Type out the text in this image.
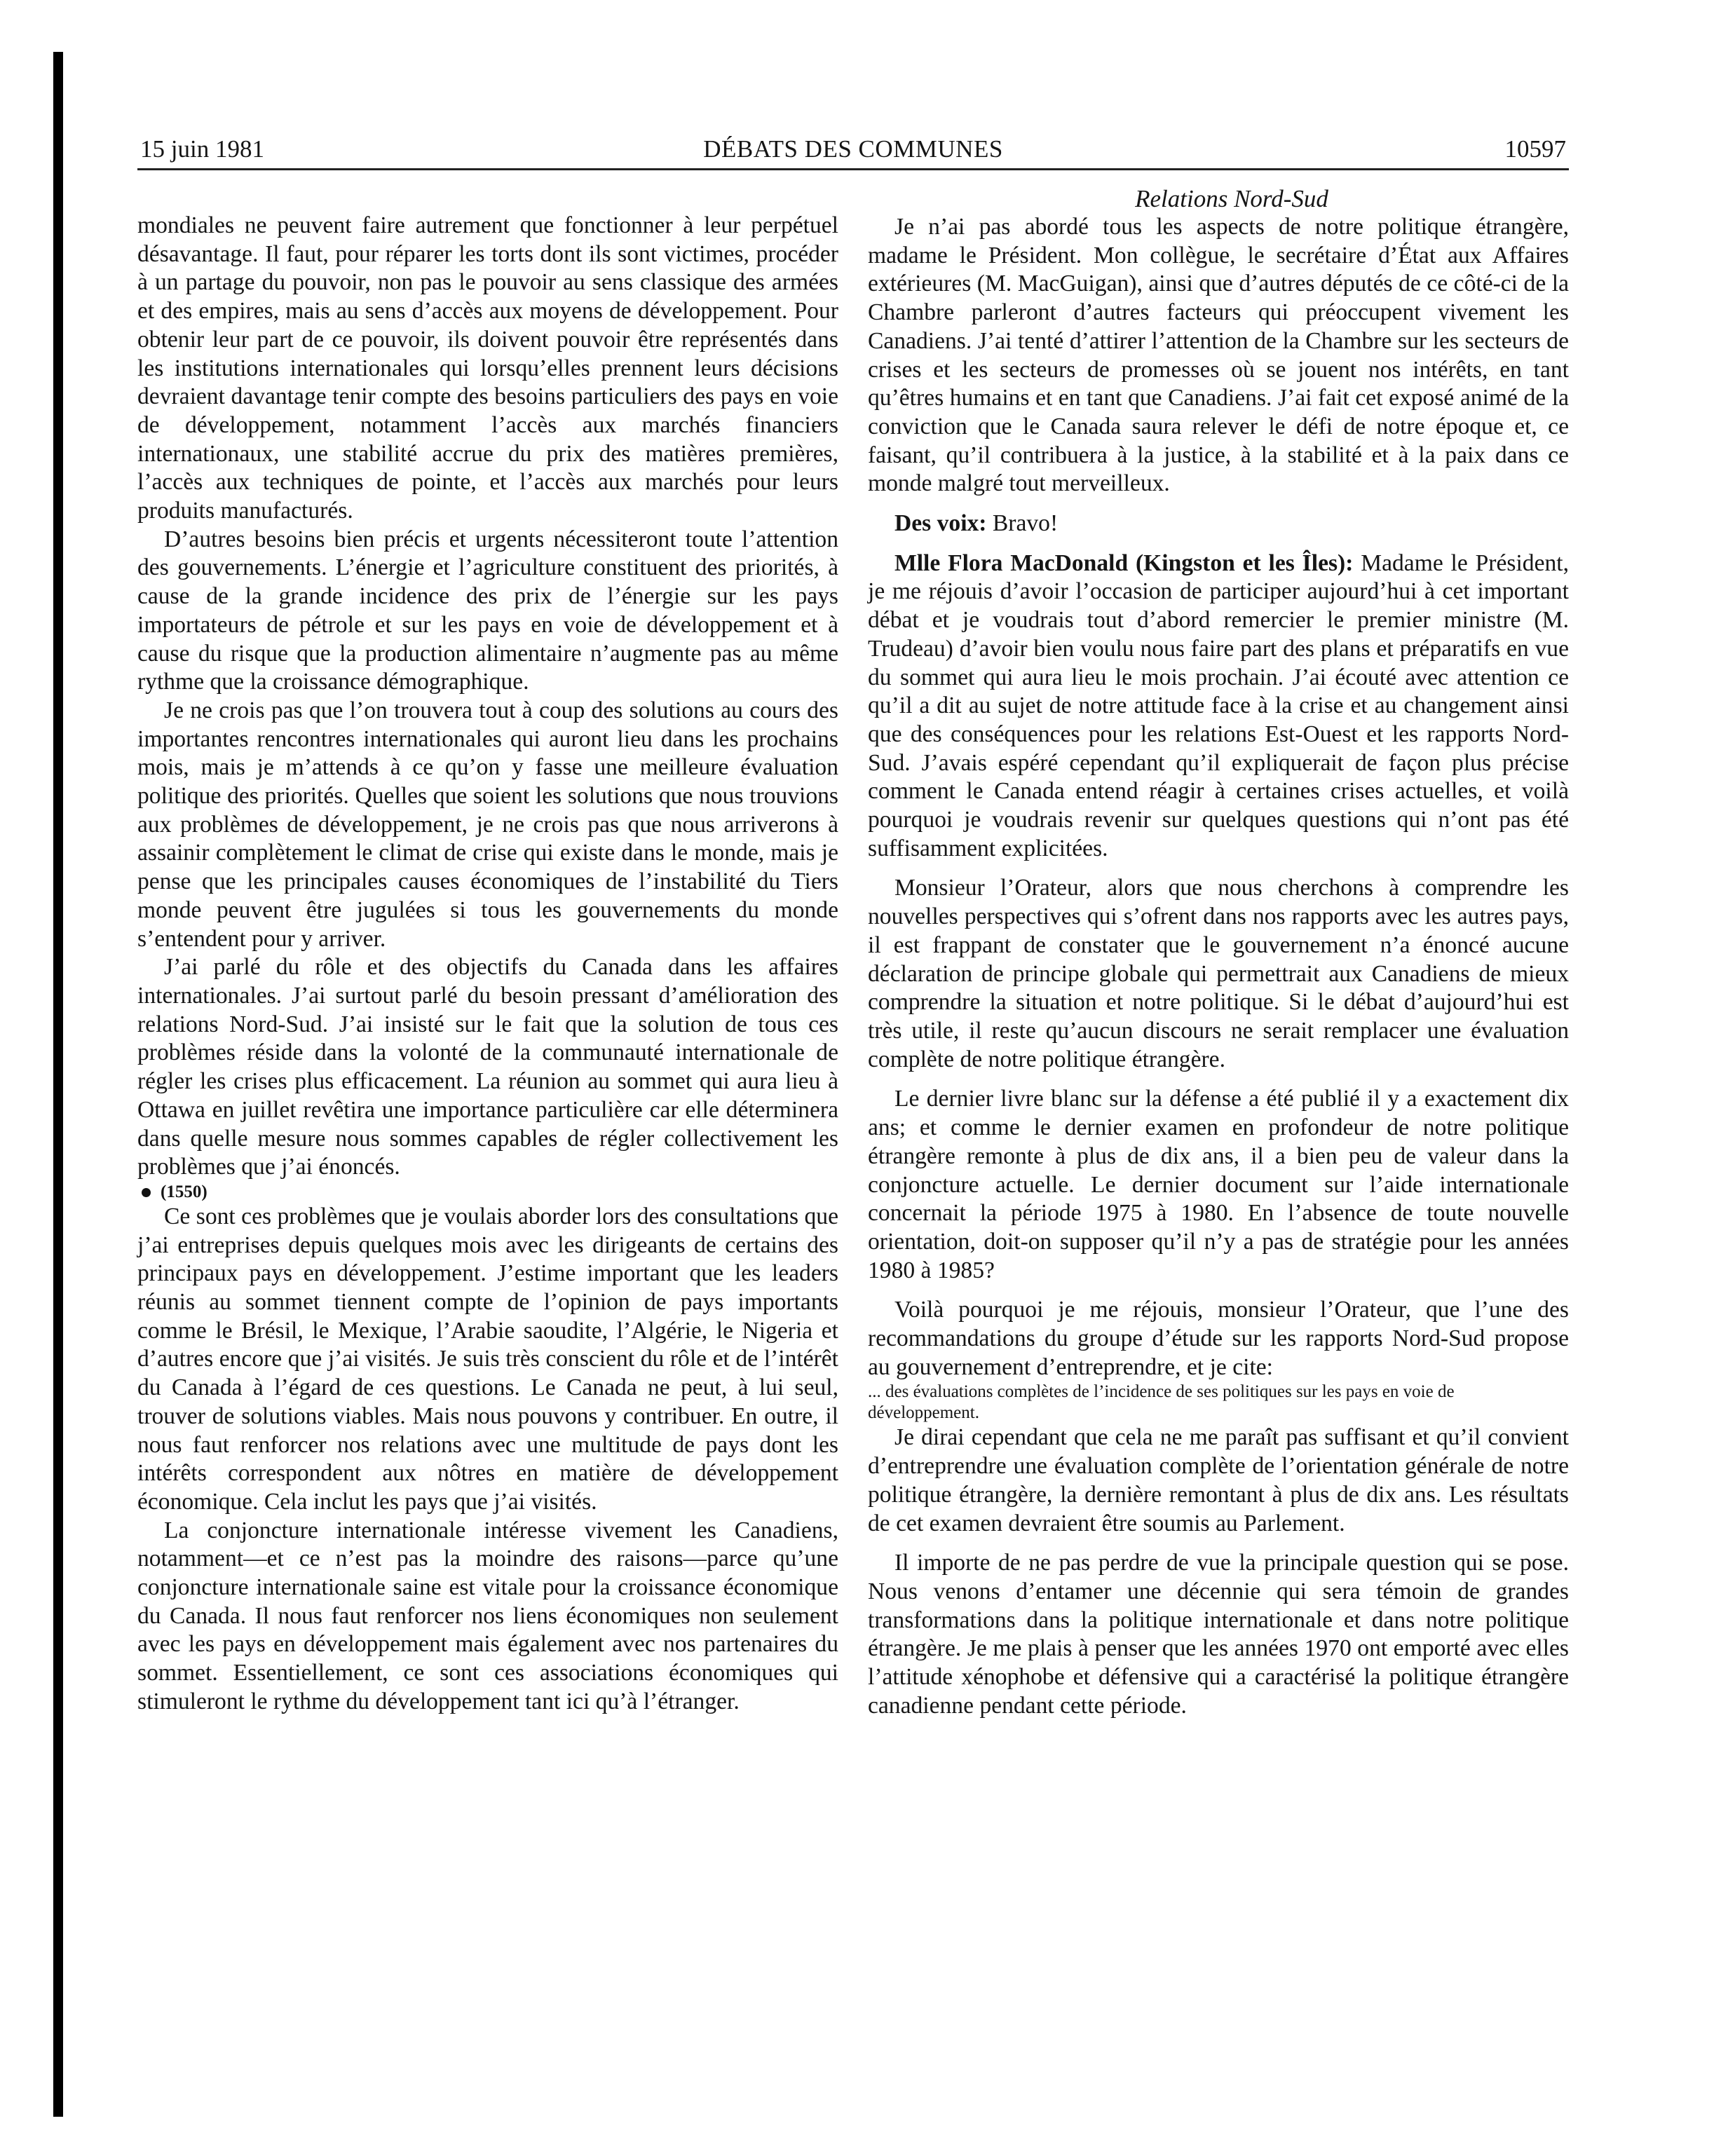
15 juin 1981	DÉBATS DES COMMUNES	10597

mondiales ne peuvent faire autrement que fonctionner à leur perpétuel désavantage. Il faut, pour réparer les torts dont ils sont victimes, procéder à un partage du pouvoir, non pas le pouvoir au sens classique des armées et des empires, mais au sens d’accès aux moyens de développement. Pour obtenir leur part de ce pouvoir, ils doivent pouvoir être représentés dans les institutions internationales qui lorsqu’elles prennent leurs décisions devraient davantage tenir compte des besoins particuliers des pays en voie de développement, notamment l’accès aux marchés financiers internationaux, une stabilité accrue du prix des matières premières, l’accès aux techniques de pointe, et l’accès aux marchés pour leurs produits manufacturés.

D’autres besoins bien précis et urgents nécessiteront toute l’attention des gouvernements. L’énergie et l’agriculture constituent des priorités, à cause de la grande incidence des prix de l’énergie sur les pays importateurs de pétrole et sur les pays en voie de développement et à cause du risque que la production alimentaire n’augmente pas au même rythme que la croissance démographique.

Je ne crois pas que l’on trouvera tout à coup des solutions au cours des importantes rencontres internationales qui auront lieu dans les prochains mois, mais je m’attends à ce qu’on y fasse une meilleure évaluation politique des priorités. Quelles que soient les solutions que nous trouvions aux problèmes de développement, je ne crois pas que nous arriverons à assainir complètement le climat de crise qui existe dans le monde, mais je pense que les principales causes économiques de l’instabilité du Tiers monde peuvent être jugulées si tous les gouvernements du monde s’entendent pour y arriver.

J’ai parlé du rôle et des objectifs du Canada dans les affaires internationales. J’ai surtout parlé du besoin pressant d’amélioration des relations Nord-Sud. J’ai insisté sur le fait que la solution de tous ces problèmes réside dans la volonté de la communauté internationale de régler les crises plus efficacement. La réunion au sommet qui aura lieu à Ottawa en juillet revêtira une importance particulière car elle déterminera dans quelle mesure nous sommes capables de régler collectivement les problèmes que j’ai énoncés.

(1550)

Ce sont ces problèmes que je voulais aborder lors des consultations que j’ai entreprises depuis quelques mois avec les dirigeants de certains des principaux pays en développement. J’estime important que les leaders réunis au sommet tiennent compte de l’opinion de pays importants comme le Brésil, le Mexique, l’Arabie saoudite, l’Algérie, le Nigeria et d’autres encore que j’ai visités. Je suis très conscient du rôle et de l’intérêt du Canada à l’égard de ces questions. Le Canada ne peut, à lui seul, trouver de solutions viables. Mais nous pouvons y contribuer. En outre, il nous faut renforcer nos relations avec une multitude de pays dont les intérêts correspondent aux nôtres en matière de développement économique. Cela inclut les pays que j’ai visités.

La conjoncture internationale intéresse vivement les Canadiens, notamment—et ce n’est pas la moindre des raisons—parce qu’une conjoncture internationale saine est vitale pour la croissance économique du Canada. Il nous faut renforcer nos liens économiques non seulement avec les pays en développement mais également avec nos partenaires du sommet. Essentiellement, ce sont ces associations économiques qui stimuleront le rythme du développement tant ici qu’à l’étranger.

Relations Nord-Sud

Je n’ai pas abordé tous les aspects de notre politique étrangère, madame le Président. Mon collègue, le secrétaire d’État aux Affaires extérieures (M. MacGuigan), ainsi que d’autres députés de ce côté-ci de la Chambre parleront d’autres facteurs qui préoccupent vivement les Canadiens. J’ai tenté d’attirer l’attention de la Chambre sur les secteurs de crises et les secteurs de promesses où se jouent nos intérêts, en tant qu’êtres humains et en tant que Canadiens. J’ai fait cet exposé animé de la conviction que le Canada saura relever le défi de notre époque et, ce faisant, qu’il contribuera à la justice, à la stabilité et à la paix dans ce monde malgré tout merveilleux.

Des voix: Bravo!

Mlle Flora MacDonald (Kingston et les Îles): Madame le Président, je me réjouis d’avoir l’occasion de participer aujourd’hui à cet important débat et je voudrais tout d’abord remercier le premier ministre (M. Trudeau) d’avoir bien voulu nous faire part des plans et préparatifs en vue du sommet qui aura lieu le mois prochain. J’ai écouté avec attention ce qu’il a dit au sujet de notre attitude face à la crise et au changement ainsi que des conséquences pour les relations Est-Ouest et les rapports Nord-Sud. J’avais espéré cependant qu’il expliquerait de façon plus précise comment le Canada entend réagir à certaines crises actuelles, et voilà pourquoi je voudrais revenir sur quelques questions qui n’ont pas été suffisamment explicitées.

Monsieur l’Orateur, alors que nous cherchons à comprendre les nouvelles perspectives qui s’ofrent dans nos rapports avec les autres pays, il est frappant de constater que le gouvernement n’a énoncé aucune déclaration de principe globale qui permettrait aux Canadiens de mieux comprendre la situation et notre politique. Si le débat d’aujourd’hui est très utile, il reste qu’aucun discours ne serait remplacer une évaluation complète de notre politique étrangère.

Le dernier livre blanc sur la défense a été publié il y a exactement dix ans; et comme le dernier examen en profondeur de notre politique étrangère remonte à plus de dix ans, il a bien peu de valeur dans la conjoncture actuelle. Le dernier document sur l’aide internationale concernait la période 1975 à 1980. En l’absence de toute nouvelle orientation, doit-on supposer qu’il n’y a pas de stratégie pour les années 1980 à 1985?

Voilà pourquoi je me réjouis, monsieur l’Orateur, que l’une des recommandations du groupe d’étude sur les rapports Nord-Sud propose au gouvernement d’entreprendre, et je cite:

... des évaluations complètes de l’incidence de ses politiques sur les pays en voie de développement.

Je dirai cependant que cela ne me paraît pas suffisant et qu’il convient d’entreprendre une évaluation complète de l’orientation générale de notre politique étrangère, la dernière remontant à plus de dix ans. Les résultats de cet examen devraient être soumis au Parlement.

Il importe de ne pas perdre de vue la principale question qui se pose. Nous venons d’entamer une décennie qui sera témoin de grandes transformations dans la politique internationale et dans notre politique étrangère. Je me plais à penser que les années 1970 ont emporté avec elles l’attitude xénophobe et défensive qui a caractérisé la politique étrangère canadienne pendant cette période.
